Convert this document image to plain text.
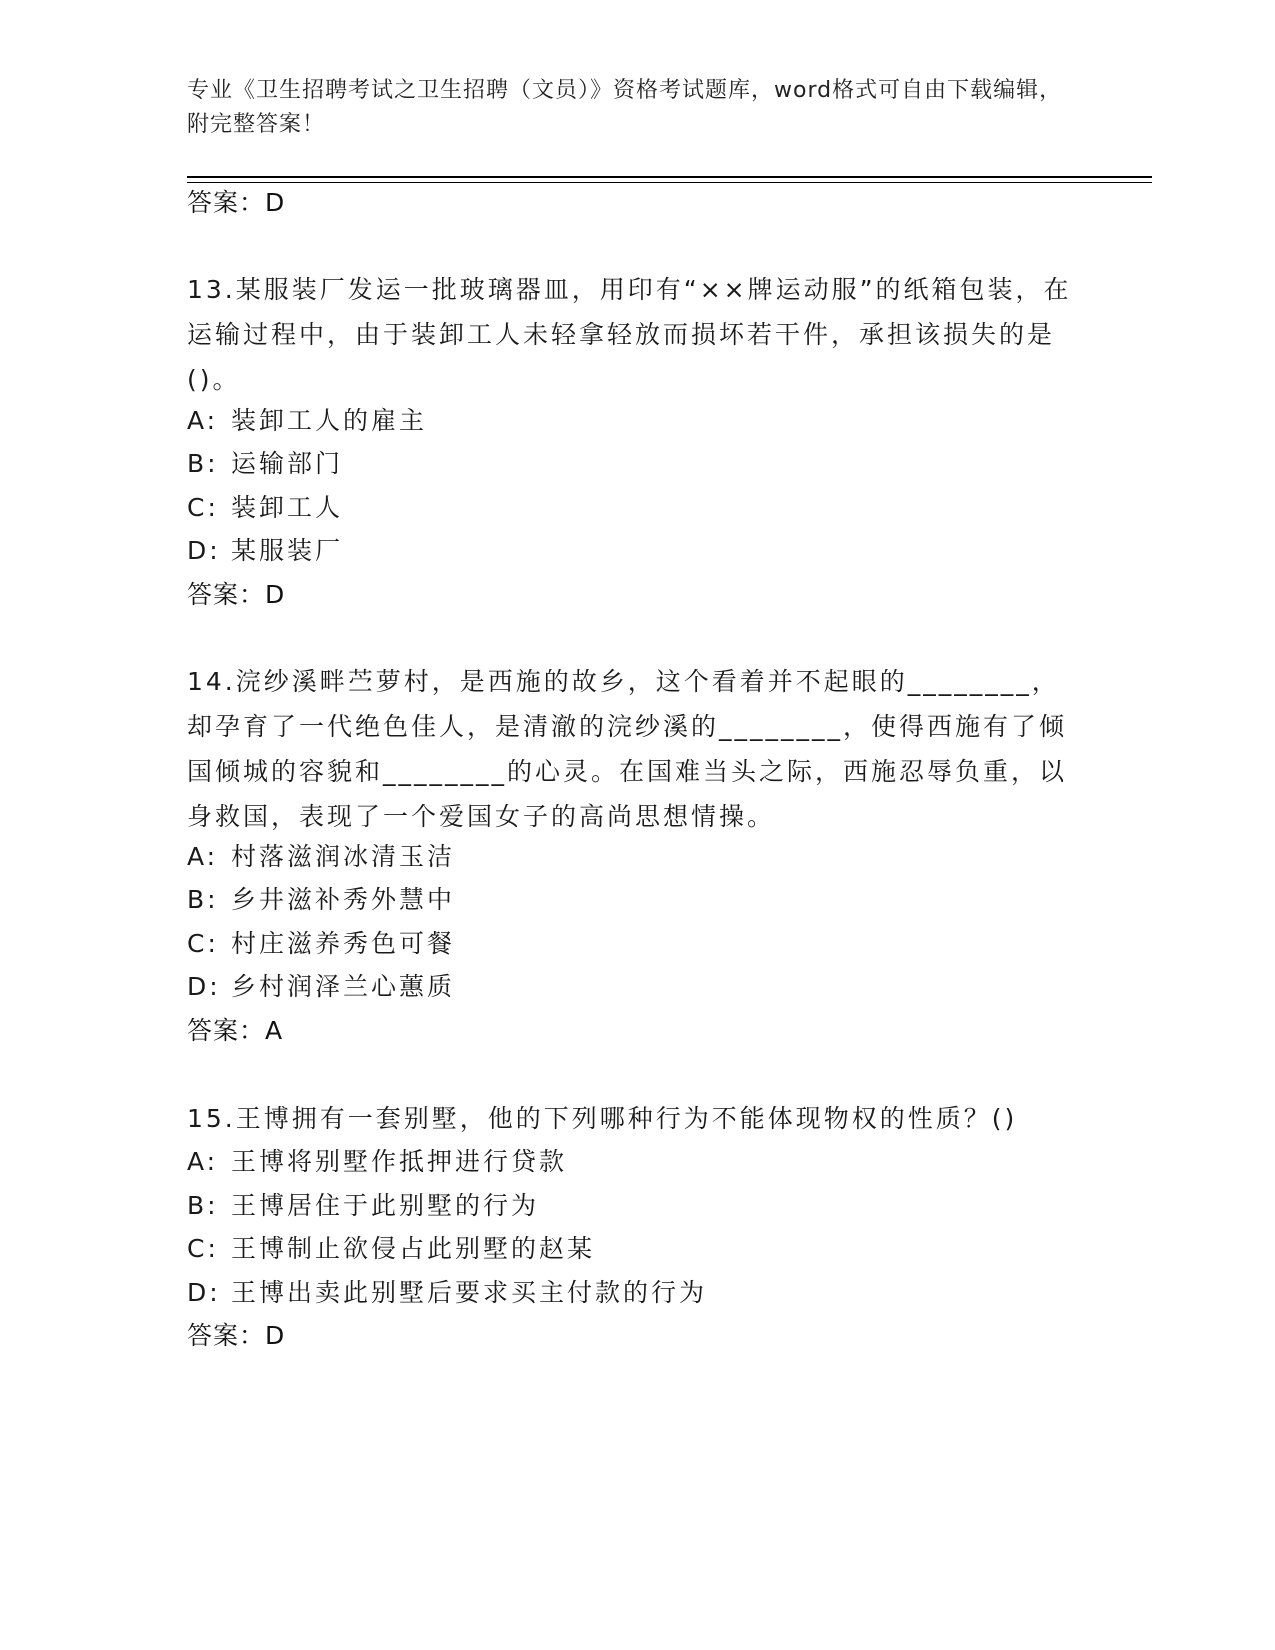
专业《卫生招聘考试之卫生招聘（文员）》资格考试题库，word格式可自由下载编辑，附完整答案！
答案：D
13.某服装厂发运一批玻璃器皿，用印有“××牌运动服”的纸箱包装，在运输过程中，由于装卸工人未轻拿轻放而损坏若干件，承担该损失的是()。
A: 装卸工人的雇主
B: 运输部门
C: 装卸工人
D: 某服装厂
答案：D
14.浣纱溪畔苎萝村，是西施的故乡，这个看着并不起眼的________，却孕育了一代绝色佳人，是清澈的浣纱溪的________，使得西施有了倾国倾城的容貌和________的心灵。在国难当头之际，西施忍辱负重，以身救国，表现了一个爱国女子的高尚思想情操。
A: 村落滋润冰清玉洁
B: 乡井滋补秀外慧中
C: 村庄滋养秀色可餐
D: 乡村润泽兰心蕙质
答案：A
15.王博拥有一套别墅，他的下列哪种行为不能体现物权的性质？()
A: 王博将别墅作抵押进行贷款
B: 王博居住于此别墅的行为
C: 王博制止欲侵占此别墅的赵某
D: 王博出卖此别墅后要求买主付款的行为
答案：D
